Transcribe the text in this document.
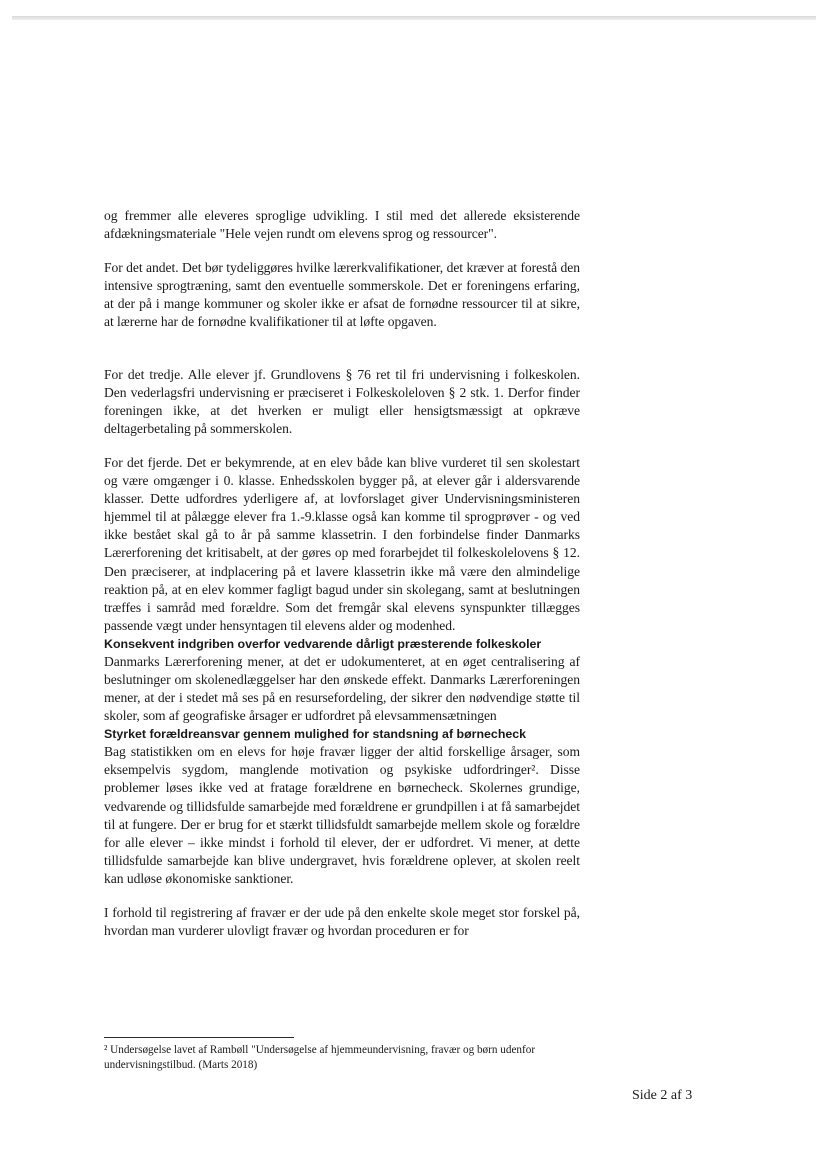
og fremmer alle eleveres sproglige udvikling. I stil med det allerede eksisterende afdækningsmateriale "Hele vejen rundt om elevens sprog og ressourcer".

For det andet. Det bør tydeliggøres hvilke lærerkvalifikationer, det kræver at forestå den intensive sprogtræning, samt den eventuelle sommerskole. Det er foreningens erfaring, at der på i mange kommuner og skoler ikke er afsat de fornødne ressourcer til at sikre, at lærerne har de fornødne kvalifikationer til at løfte opgaven.

For det tredje. Alle elever jf. Grundlovens § 76 ret til fri undervisning i folkeskolen. Den vederlagsfri undervisning er præciseret i Folkeskoleloven § 2 stk. 1. Derfor finder foreningen ikke, at det hverken er muligt eller hensigtsmæssigt at opkræve deltagerbetaling på sommerskolen.

For det fjerde. Det er bekymrende, at en elev både kan blive vurderet til sen skolestart og være omgænger i 0. klasse. Enhedsskolen bygger på, at elever går i aldersvarende klasser. Dette udfordres yderligere af, at lovforslaget giver Undervisningsministeren hjemmel til at pålægge elever fra 1.-9.klasse også kan komme til sprogprøver - og ved ikke bestået skal gå to år på samme klassetrin. I den forbindelse finder Danmarks Lærerforening det kritisabelt, at der gøres op med forarbejdet til folkeskolelovens § 12. Den præciserer, at indplacering på et lavere klassetrin ikke må være den almindelige reaktion på, at en elev kommer fagligt bagud under sin skolegang, samt at beslutningen træffes i samråd med forældre. Som det fremgår skal elevens synspunkter tillægges passende vægt under hensyntagen til elevens alder og modenhed.

Konsekvent indgriben overfor vedvarende dårligt præsterende folkeskoler

Danmarks Lærerforening mener, at det er udokumenteret, at en øget centralisering af beslutninger om skolenedlæggelser har den ønskede effekt. Danmarks Lærerforeningen mener, at der i stedet må ses på en resursefordeling, der sikrer den nødvendige støtte til skoler, som af geografiske årsager er udfordret på elevsammensætningen

Styrket forældreansvar gennem mulighed for standsning af børnecheck

Bag statistikken om en elevs for høje fravær ligger der altid forskellige årsager, som eksempelvis sygdom, manglende motivation og psykiske udfordringer². Disse problemer løses ikke ved at fratage forældrene en børnecheck. Skolernes grundige, vedvarende og tillidsfulde samarbejde med forældrene er grundpillen i at få samarbejdet til at fungere. Der er brug for et stærkt tillidsfuldt samarbejde mellem skole og forældre for alle elever – ikke mindst i forhold til elever, der er udfordret. Vi mener, at dette tillidsfulde samarbejde kan blive undergravet, hvis forældrene oplever, at skolen reelt kan udløse økonomiske sanktioner.

I forhold til registrering af fravær er der ude på den enkelte skole meget stor forskel på, hvordan man vurderer ulovligt fravær og hvordan proceduren er for

² Undersøgelse lavet af Rambøll "Undersøgelse af hjemmeundervisning, fravær og børn udenfor undervisningstilbud. (Marts 2018)

Side 2 af 3
